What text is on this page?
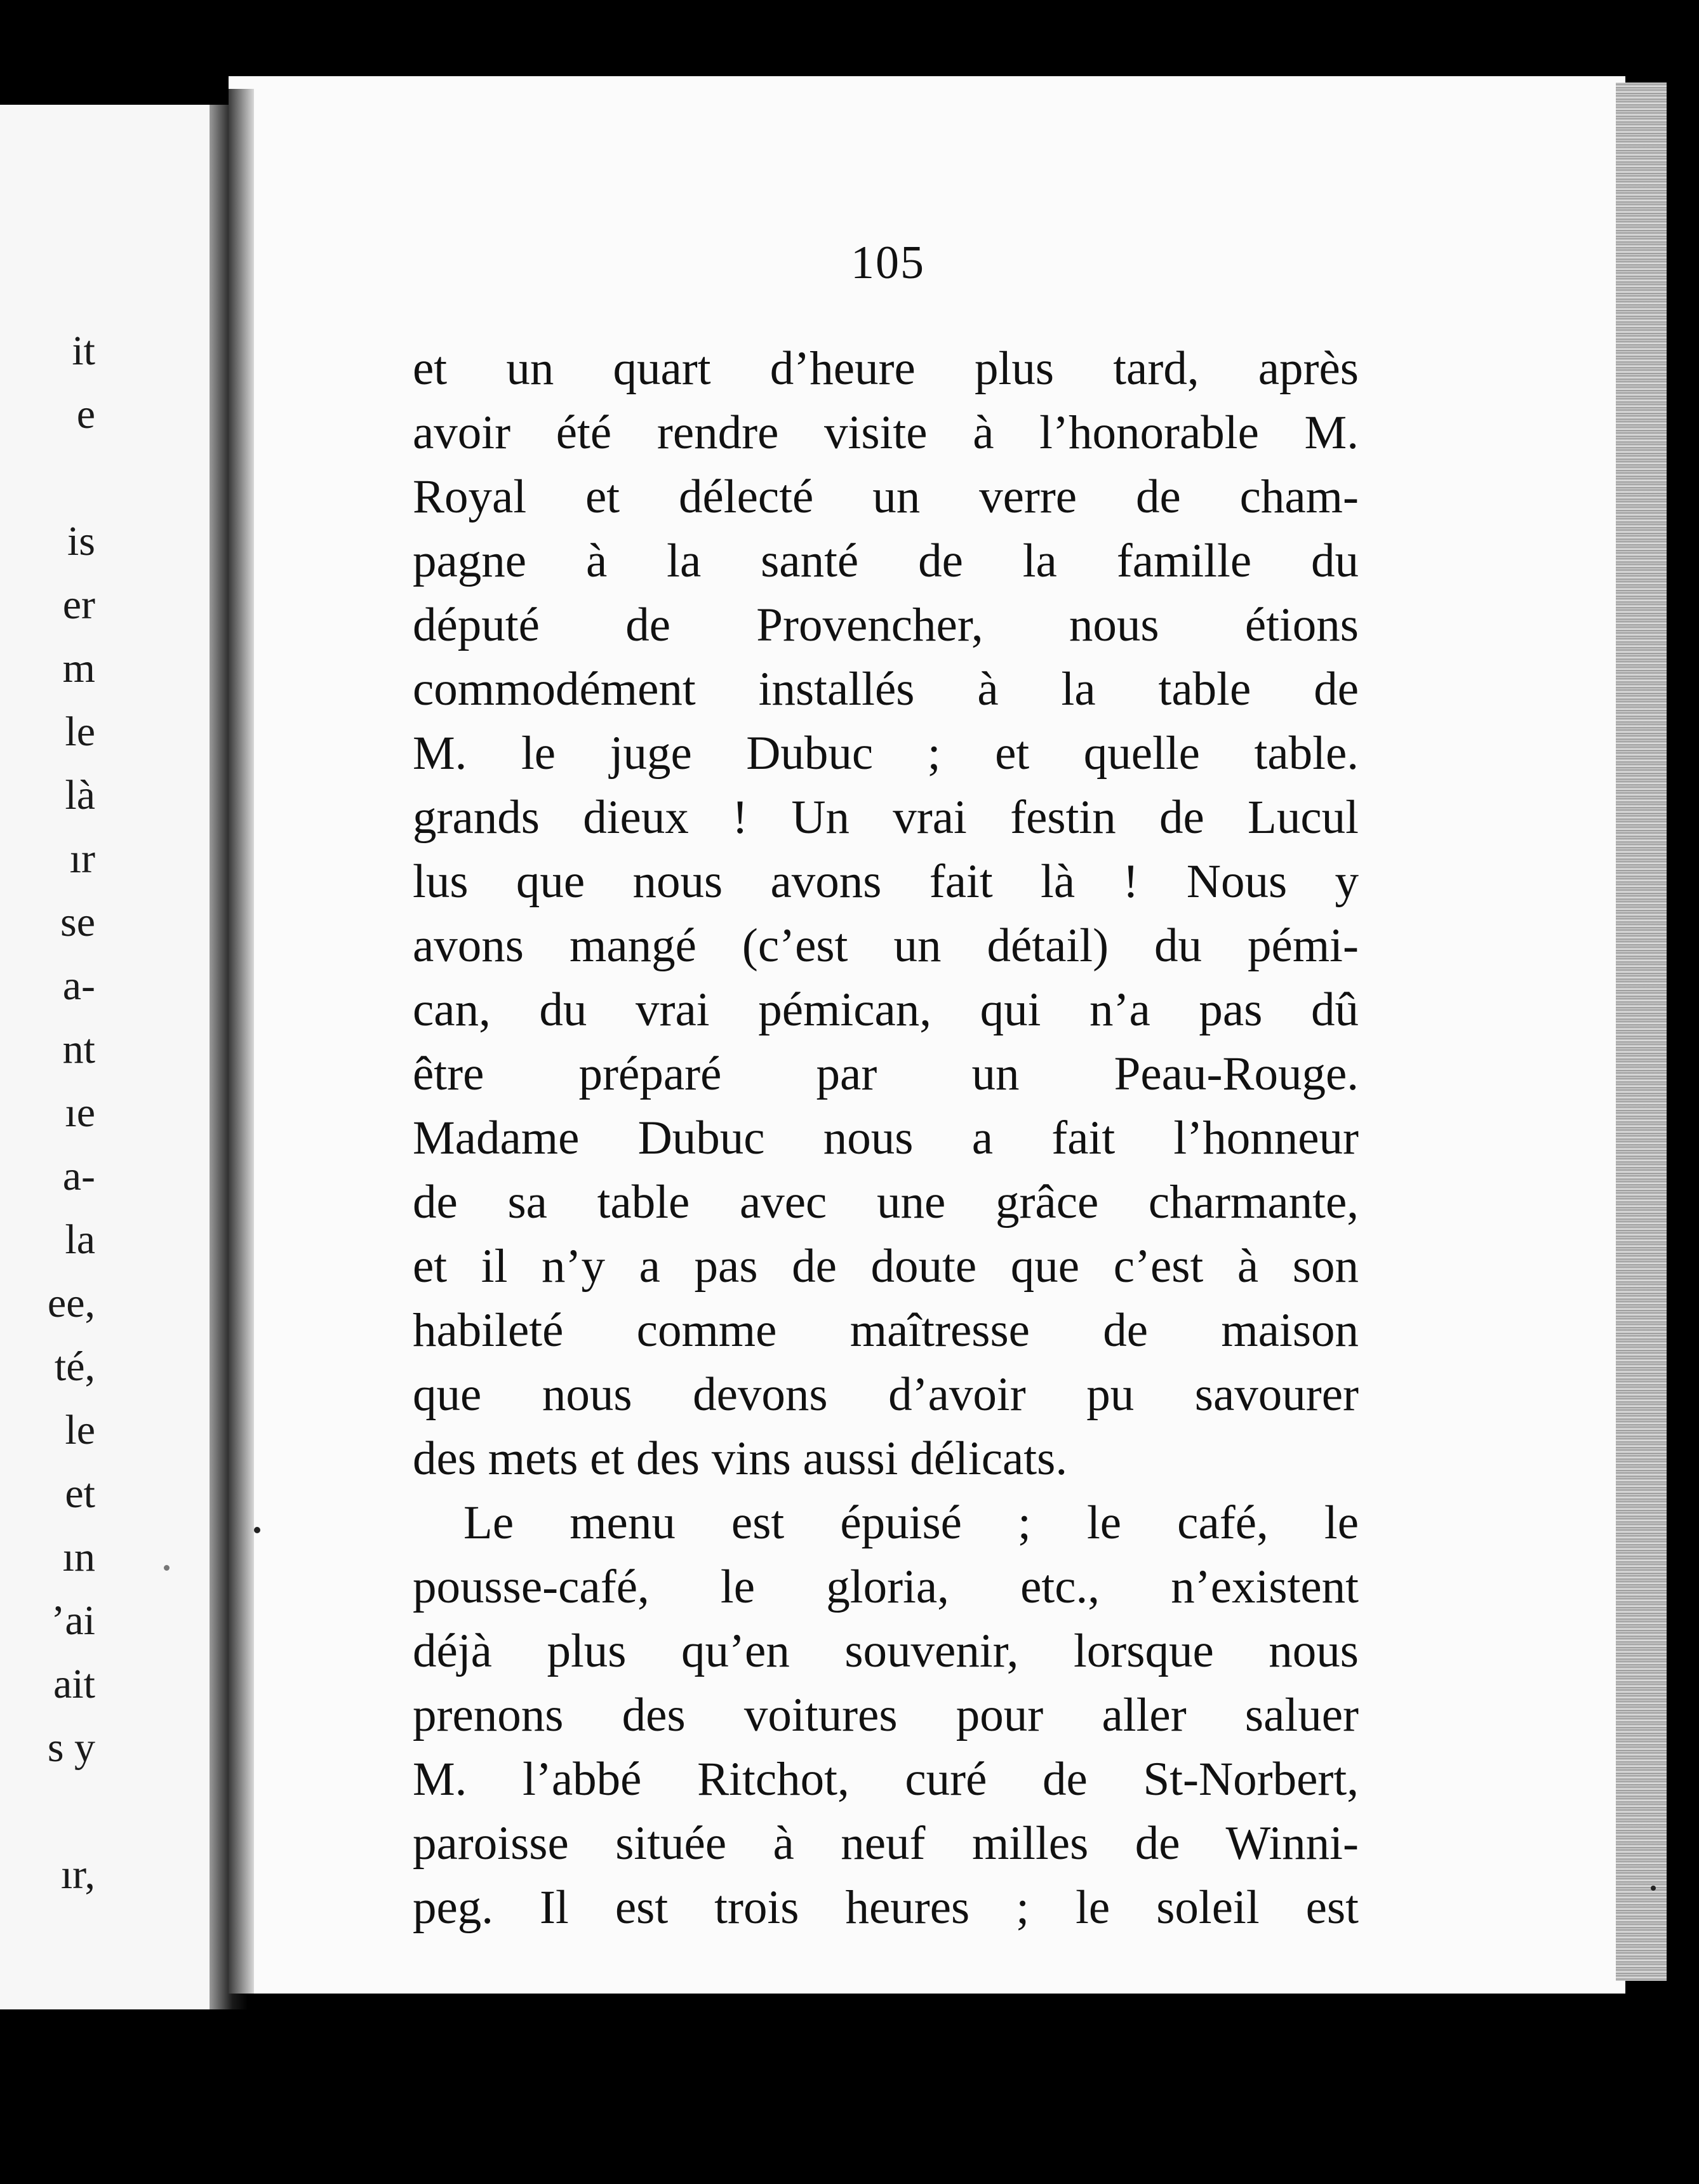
it
e
is
er
m
le
là
ır
se
a-
nt
ıe
a-
la
ee,
té,
le
et
ın
’ai
ait
s y
ır,
105
et un quart d’heure plus tard, après
avoir été rendre visite à l’honorable M.
Royal et délecté un verre de cham-
pagne à la santé de la famille du
député de Provencher, nous étions
commodément installés à la table de
M. le juge Dubuc ; et quelle table.
grands dieux ! Un vrai festin de Lucul
lus que nous avons fait là ! Nous y
avons mangé (c’est un détail) du pémi-
can, du vrai pémican, qui n’a pas dû
être préparé par un Peau-Rouge.
Madame Dubuc nous a fait l’honneur
de sa table avec une grâce charmante,
et il n’y a pas de doute que c’est à son
habileté comme maîtresse de maison
que nous devons d’avoir pu savourer
des mets et des vins aussi délicats.
Le menu est épuisé ; le café, le
pousse-café, le gloria, etc., n’existent
déjà plus qu’en souvenir, lorsque nous
prenons des voitures pour aller saluer
M. l’abbé Ritchot, curé de St-Norbert,
paroisse située à neuf milles de Winni-
peg. Il est trois heures ; le soleil est
